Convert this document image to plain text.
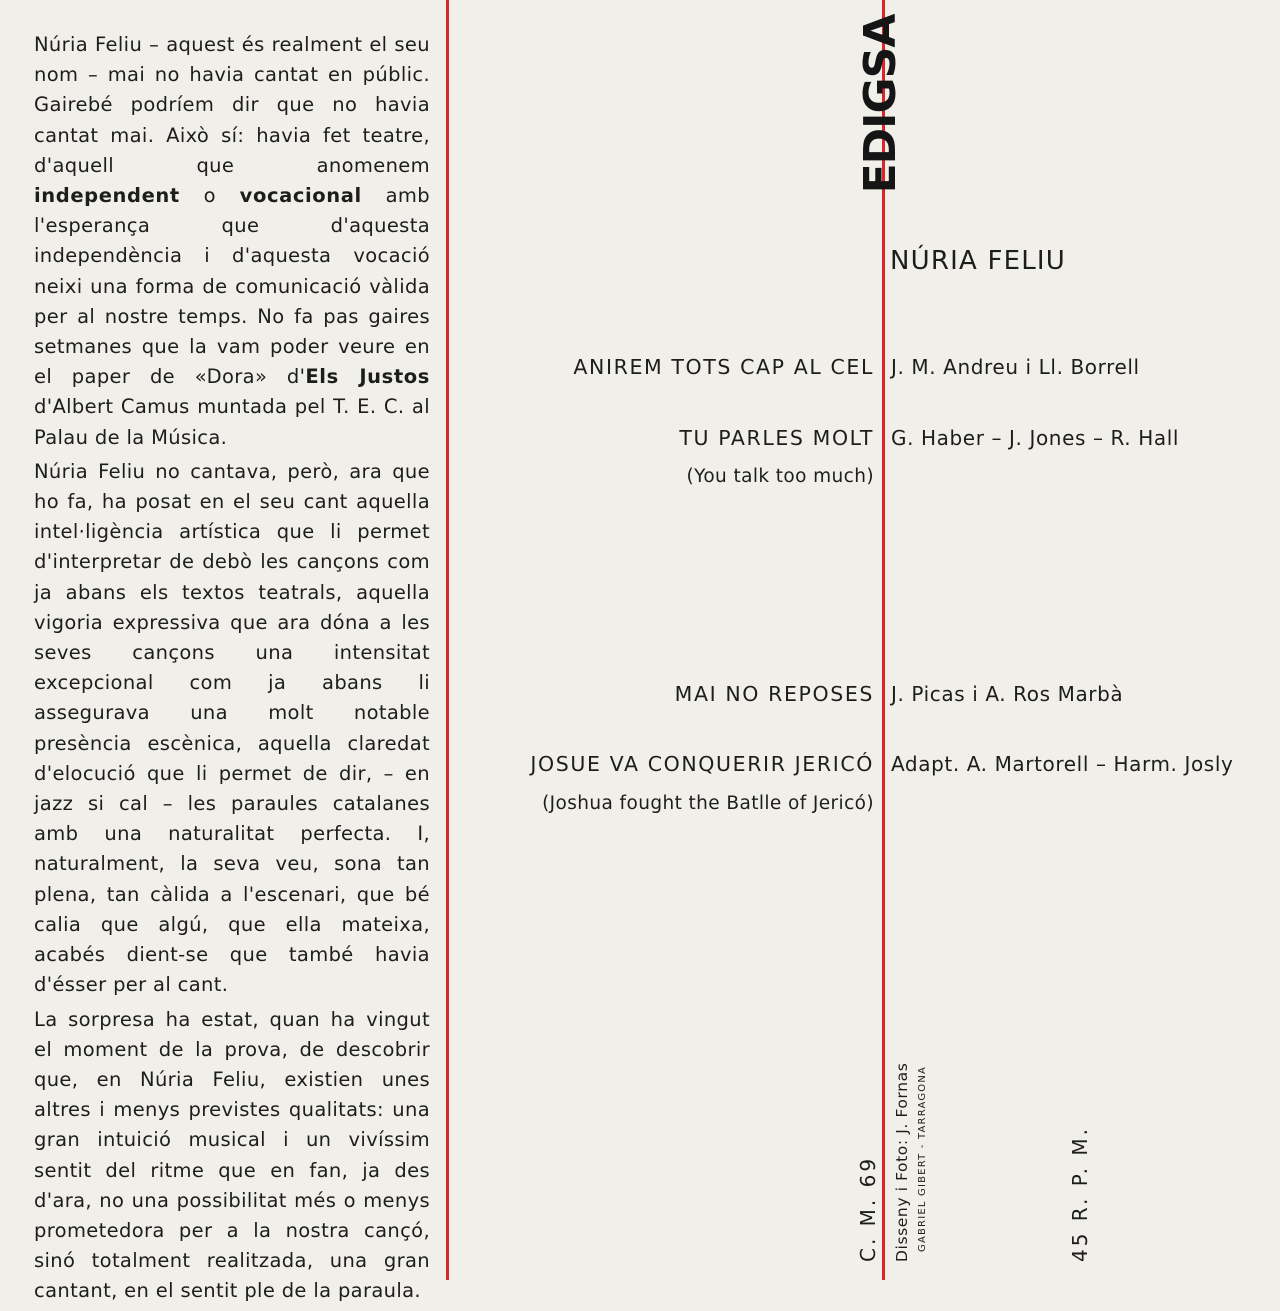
Núria Feliu – aquest és realment el seu nom – mai no havia cantat en públic. Gairebé podríem dir que no havia cantat mai. Això sí: havia fet teatre, d'aquell que anomenem independent o vocacional amb l'esperança que d'aquesta independència i d'aquesta vocació neixi una forma de comunicació vàlida per al nostre temps. No fa pas gaires setmanes que la vam poder veure en el paper de «Dora» d'Els Justos d'Albert Camus muntada pel T. E. C. al Palau de la Música.

Núria Feliu no cantava, però, ara que ho fa, ha posat en el seu cant aquella intel·ligència artística que li permet d'interpretar de debò les cançons com ja abans els textos teatrals, aquella vigoria expressiva que ara dóna a les seves cançons una intensitat excepcional com ja abans li assegurava una molt notable presència escènica, aquella claredat d'elocució que li permet de dir, – en jazz si cal – les paraules catalanes amb una naturalitat perfecta. I, naturalment, la seva veu, sona tan plena, tan càlida a l'escenari, que bé calia que algú, que ella mateixa, acabés dient-se que també havia d'ésser per al cant.

La sorpresa ha estat, quan ha vingut el moment de la prova, de descobrir que, en Núria Feliu, existien unes altres i menys previstes qualitats: una gran intuició musical i un vivíssim sentit del ritme que en fan, ja des d'ara, no una possibilitat més o menys prometedora per a la nostra cançó, sinó totalment realitzada, una gran cantant, en el sentit ple de la paraula.

EDIGSA
NÚRIA FELIU
ANIREM TOTS CAP AL CEL J. M. Andreu i Ll. Borrell
TU PARLES MOLT
(You talk too much)
G. Haber – J. Jones – R. Hall
MAI NO REPOSES J. Picas i A. Ros Marbà
JOSUE VA CONQUERIR JERICÓ
(Joshua fought the Batlle of Jericó)
Adapt. A. Martorell – Harm. Josly
C. M. 69 Disseny i Foto: J. Fornas GABRIEL GIBERT - TARRAGONA	45 R. P. M.
